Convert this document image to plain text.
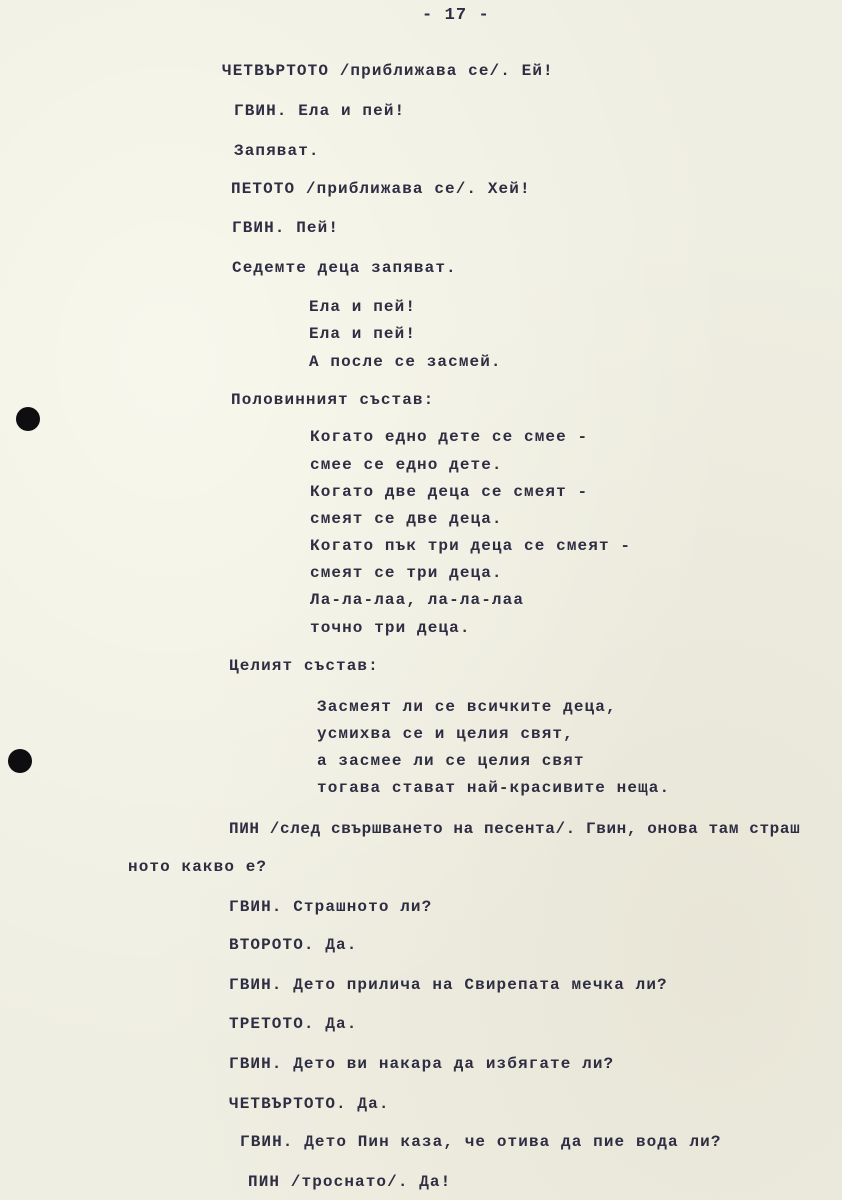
- 17 -
ЧЕТВЪРТОТО /приближава се/. Ей!
ГВИН. Ела и пей!
Запяват.
ПЕТОТО /приближава се/. Хей!
ГВИН. Пей!
Седемте деца запяват.
Ела и пей!
Ела и пей!
А после се засмей.
Половинният състав:
Когато едно дете се смее -
смее се едно дете.
Когато две деца се смеят -
смеят се две деца.
Когато пък три деца се смеят -
смеят се три деца.
Ла-ла-лаа, ла-ла-лаа
точно три деца.
Целият състав:
Засмеят ли се всичките деца,
усмихва се и целия свят,
а засмее ли се целия свят
тогава стават най-красивите неща.
ПИН /след свършването на песента/. Гвин, онова там страш
ното какво е?
ГВИН. Страшното ли?
ВТОРОТО. Да.
ГВИН. Дето прилича на Свирепата мечка ли?
ТРЕТОТО. Да.
ГВИН. Дето ви накара да избягате ли?
ЧЕТВЪРТОТО. Да.
ГВИН. Дето Пин каза, че отива да пие вода ли?
ПИН /троснато/. Да!
